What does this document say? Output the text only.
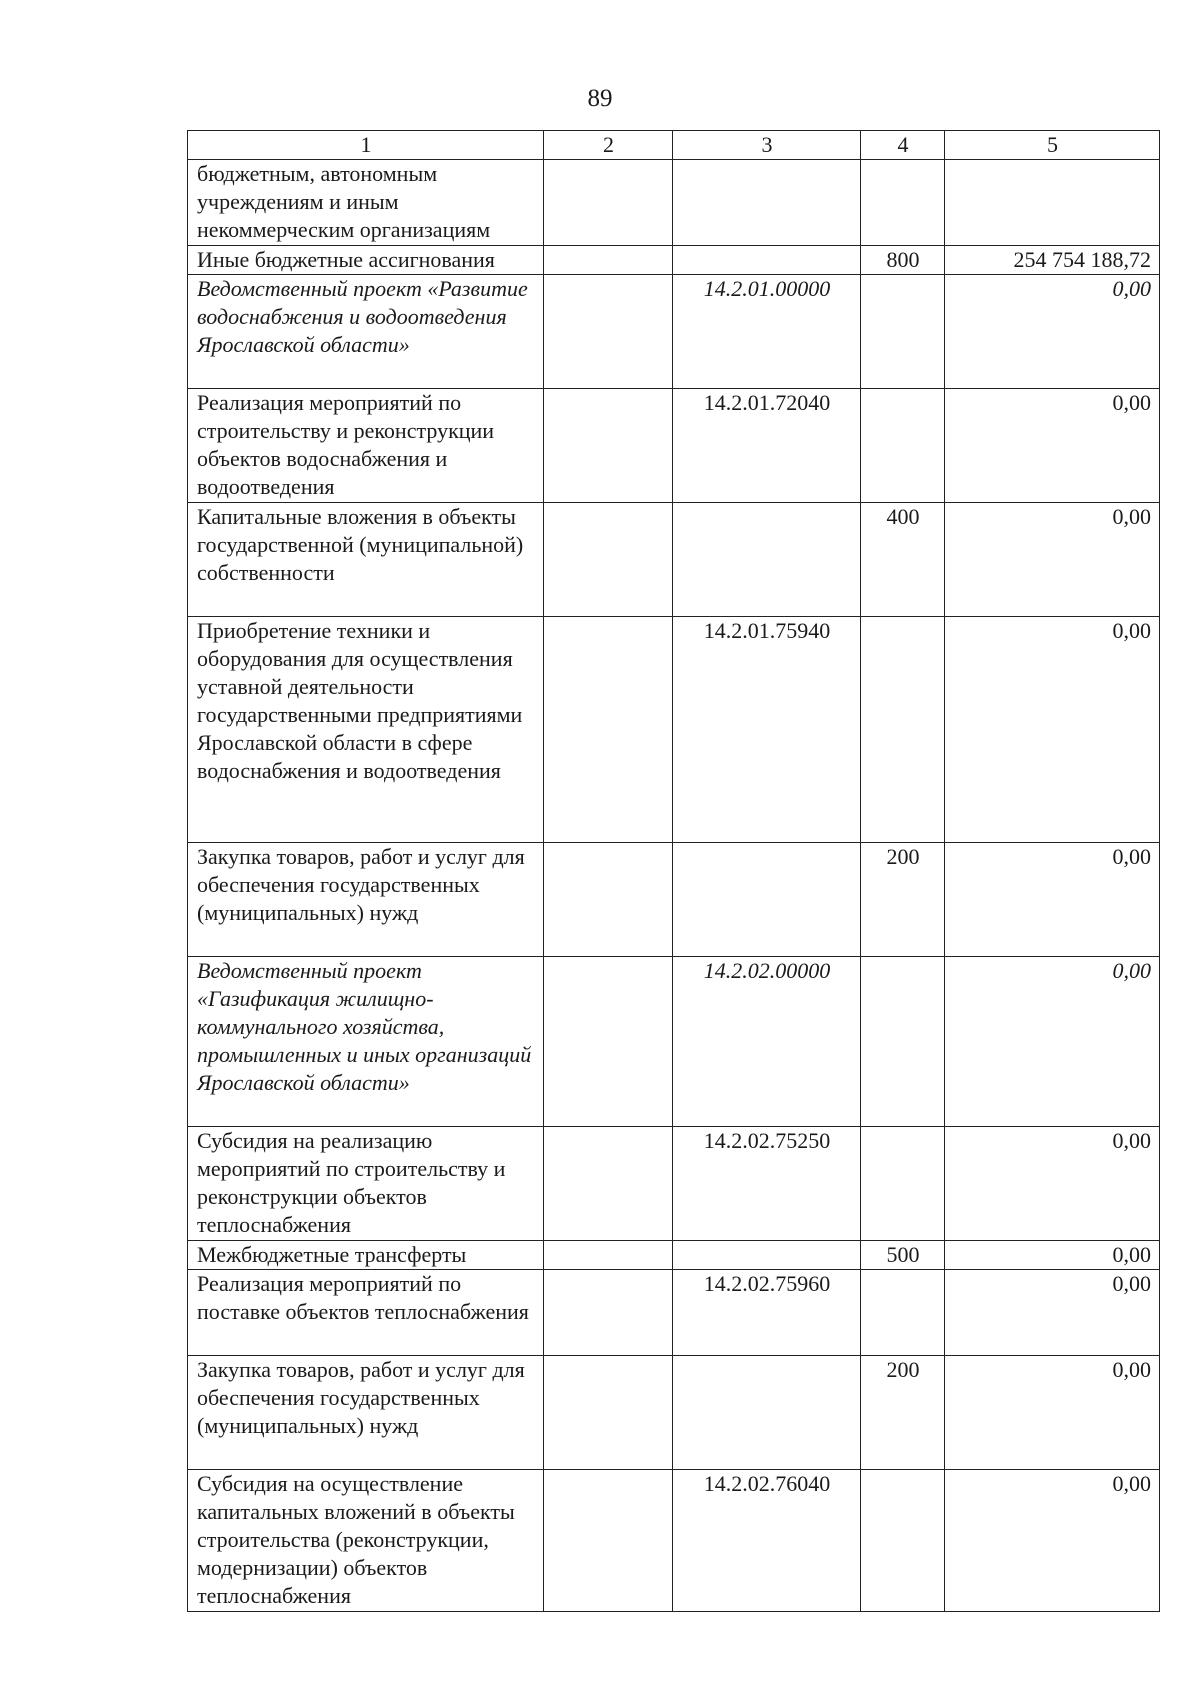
89
1	2	3	4	5
бюджетным, автономным учреждениям и иным некоммерческим организациям				
Иные бюджетные ассигнования			800	254 754 188,72
Ведомственный проект «Развитие водоснабжения и водоотведения Ярославской области»		14.2.01.00000		0,00
Реализация мероприятий по строительству и реконструкции объектов водоснабжения и водоотведения		14.2.01.72040		0,00
Капитальные вложения в объекты государственной (муниципальной) собственности			400	0,00
Приобретение техники и оборудования для осуществления уставной деятельности государственными предприятиями Ярославской области в сфере водоснабжения и водоотведения		14.2.01.75940		0,00
Закупка товаров, работ и услуг для обеспечения государственных (муниципальных) нужд			200	0,00
Ведомственный проект «Газификация жилищно-коммунального хозяйства, промышленных и иных организаций Ярославской области»		14.2.02.00000		0,00
Субсидия на реализацию мероприятий по строительству и реконструкции объектов теплоснабжения		14.2.02.75250		0,00
Межбюджетные трансферты			500	0,00
Реализация мероприятий по поставке объектов теплоснабжения		14.2.02.75960		0,00
Закупка товаров, работ и услуг для обеспечения государственных (муниципальных) нужд			200	0,00
Субсидия на осуществление капитальных вложений в объекты строительства (реконструкции, модернизации) объектов теплоснабжения		14.2.02.76040		0,00
